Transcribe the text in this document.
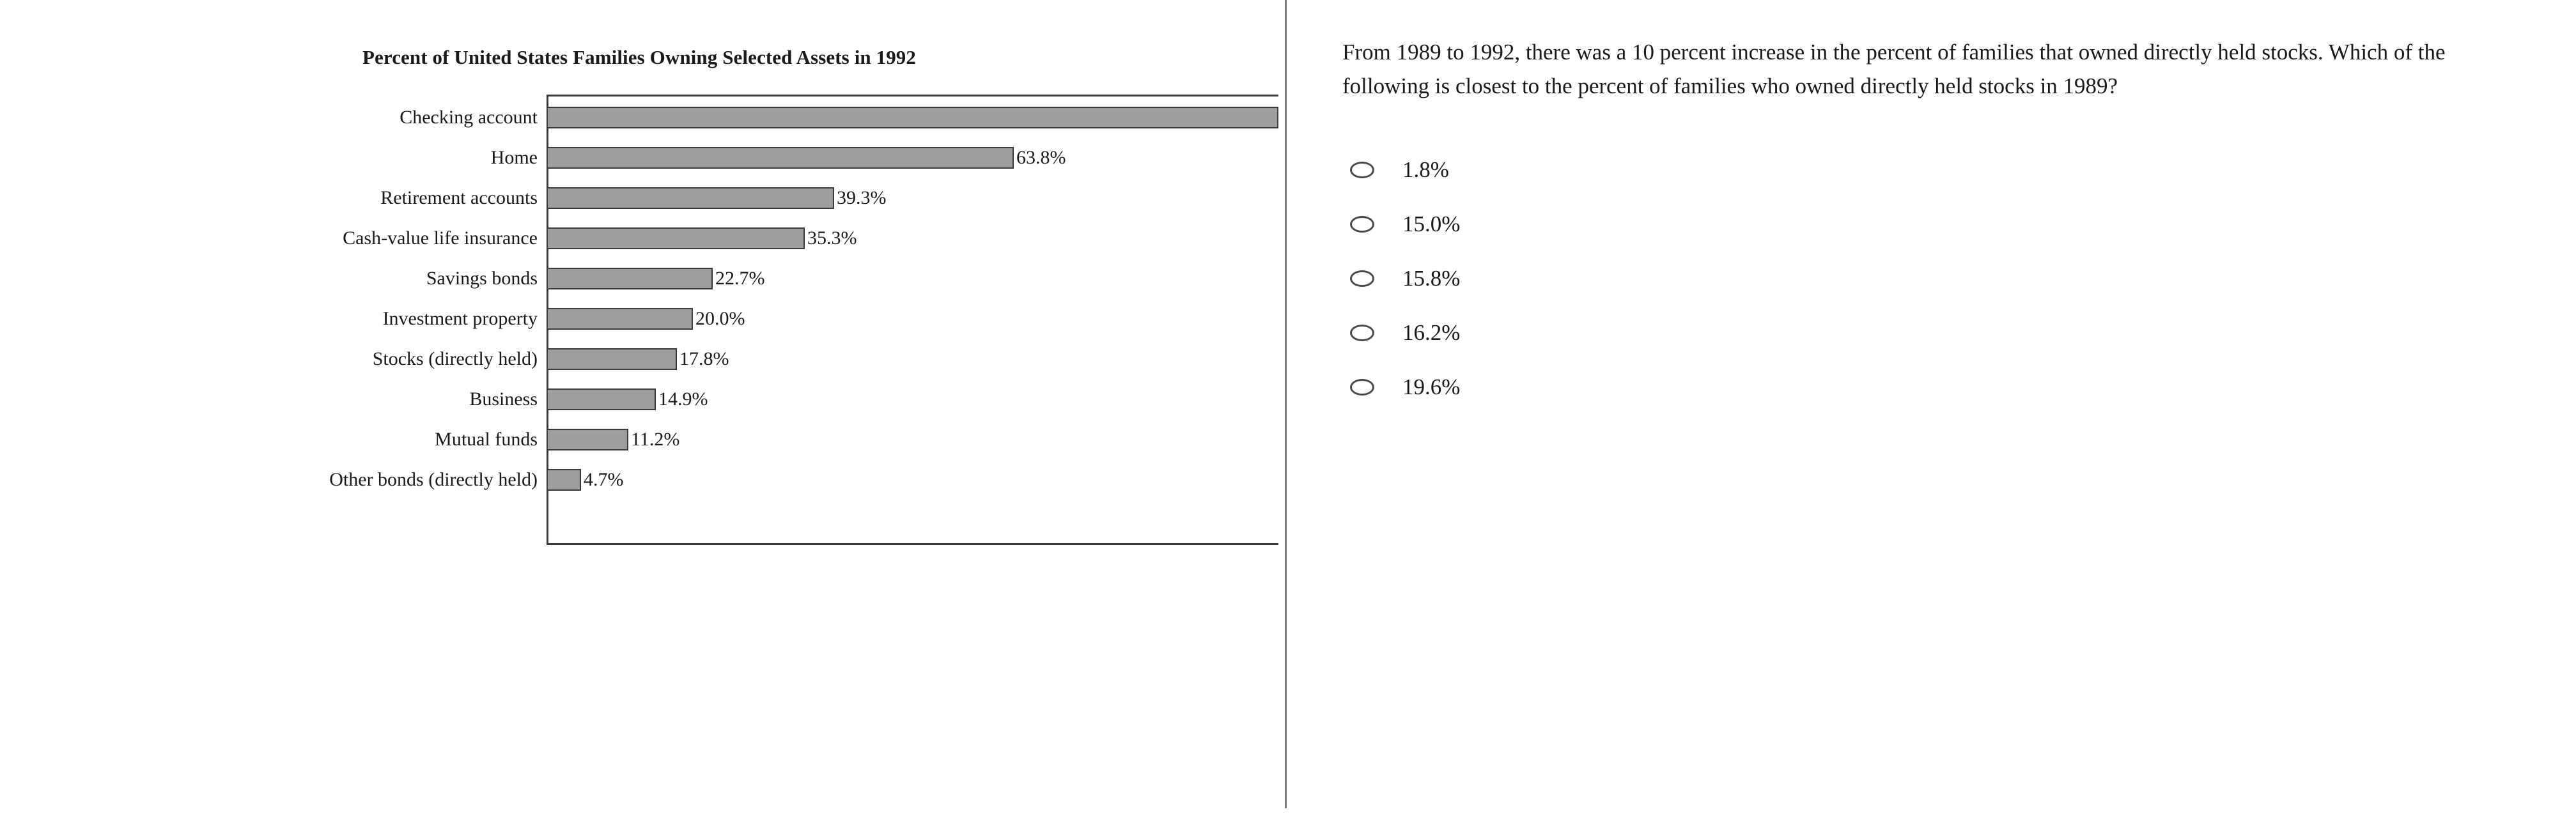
Percent of United States Families Owning Selected Assets in 1992
Checking account
Home	63.8%
Retirement accounts	39.3%
Cash-value life insurance	35.3%
Savings bonds	22.7%
Investment property	20.0%
Stocks (directly held)	17.8%
Business	14.9%
Mutual funds	11.2%
Other bonds (directly held)	4.7%
From 1989 to 1992, there was a 10 percent increase in the percent of families that owned directly held stocks. Which of the following is closest to the percent of families who owned directly held stocks in 1989?
1.8%
15.0%
15.8%
16.2%
19.6%
